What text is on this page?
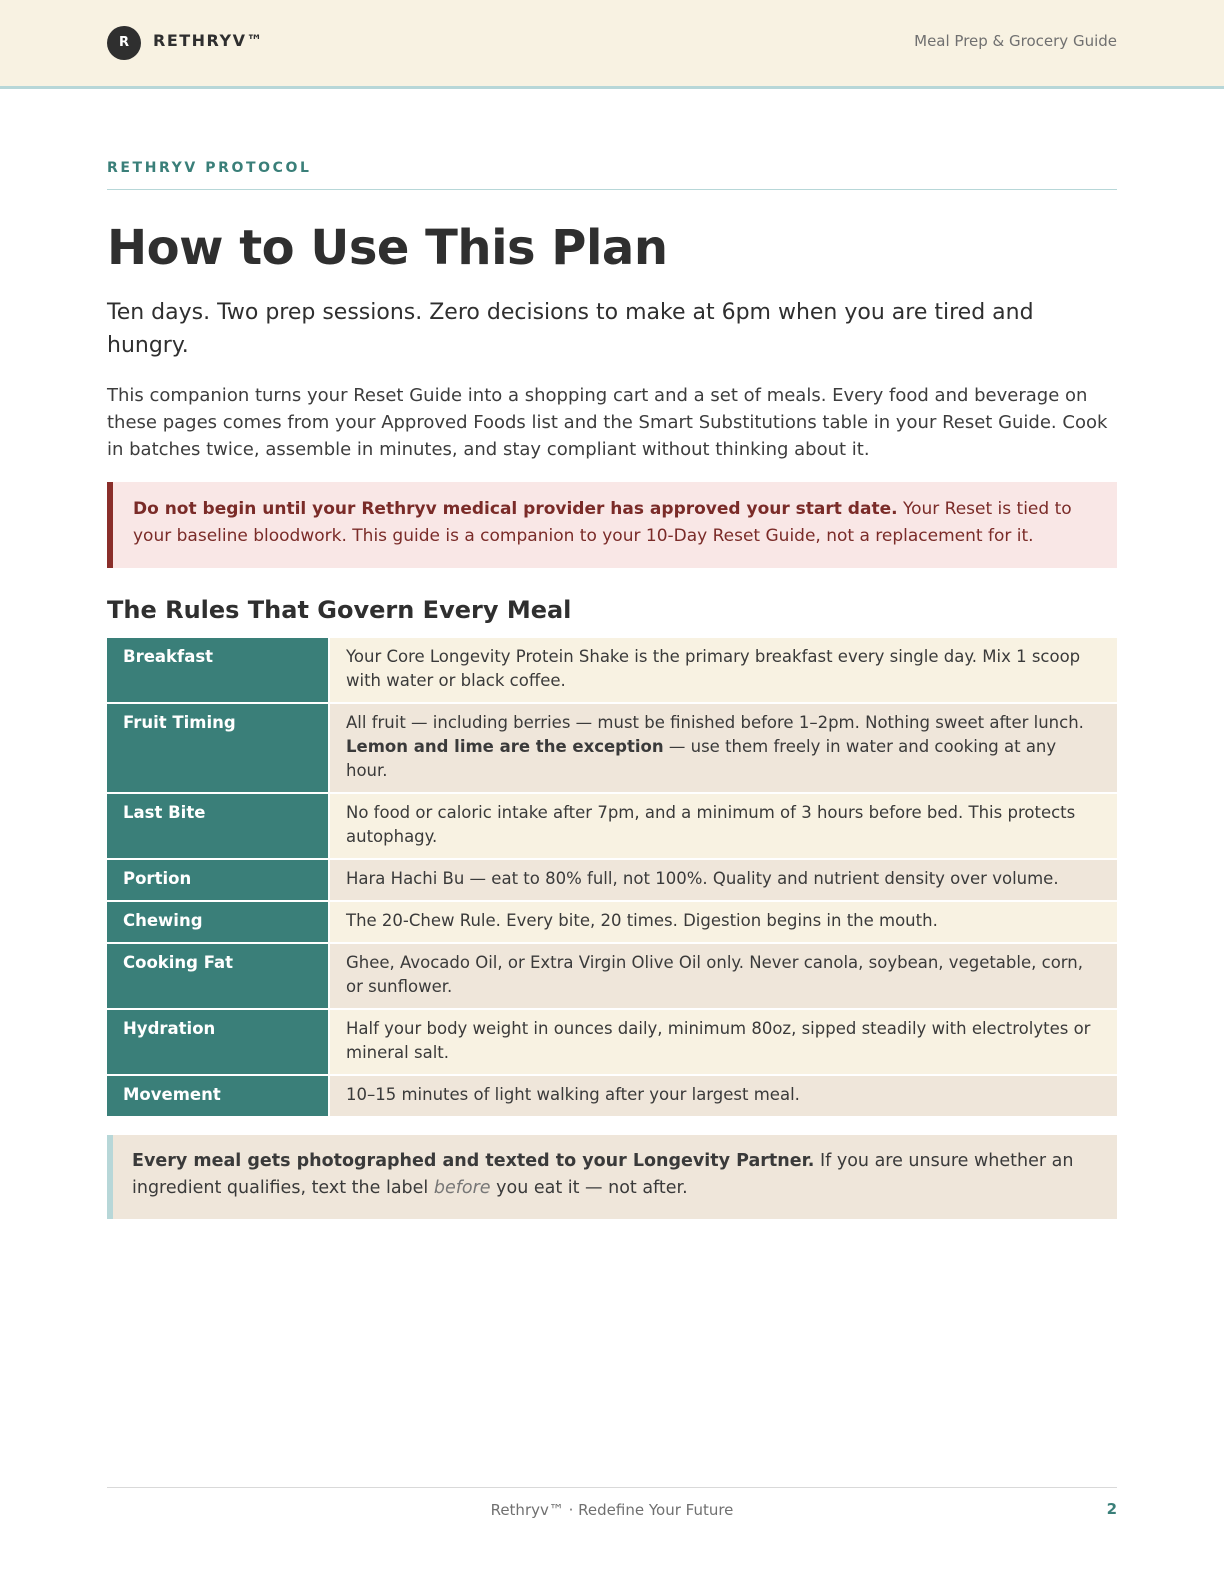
R	RETHRYV™	Meal Prep & Grocery Guide
RETHRYV PROTOCOL
How to Use This Plan

Ten days. Two prep sessions. Zero decisions to make at 6pm when you are tired and hungry.

This companion turns your Reset Guide into a shopping cart and a set of meals. Every food and beverage on these pages comes from your Approved Foods list and the Smart Substitutions table in your Reset Guide. Cook in batches twice, assemble in minutes, and stay compliant without thinking about it.

Do not begin until your Rethryv medical provider has approved your start date. Your Reset is tied to your baseline bloodwork. This guide is a companion to your 10-Day Reset Guide, not a replacement for it.
The Rules That Govern Every Meal
Breakfast	Your Core Longevity Protein Shake is the primary breakfast every single day. Mix 1 scoop with water or black coffee.
Fruit Timing	All fruit — including berries — must be finished before 1–2pm. Nothing sweet after lunch.
Lemon and lime are the exception — use them freely in water and cooking at any hour.
Last Bite	No food or caloric intake after 7pm, and a minimum of 3 hours before bed. This protects autophagy.
Portion	Hara Hachi Bu — eat to 80% full, not 100%. Quality and nutrient density over volume.
Chewing	The 20-Chew Rule. Every bite, 20 times. Digestion begins in the mouth.
Cooking Fat	Ghee, Avocado Oil, or Extra Virgin Olive Oil only. Never canola, soybean, vegetable, corn, or sunflower.
Hydration	Half your body weight in ounces daily, minimum 80oz, sipped steadily with electrolytes or mineral salt.
Movement	10–15 minutes of light walking after your largest meal.
Every meal gets photographed and texted to your Longevity Partner. If you are unsure whether an ingredient qualifies, text the label before you eat it — not after.
Rethryv™ · Redefine Your Future	2
